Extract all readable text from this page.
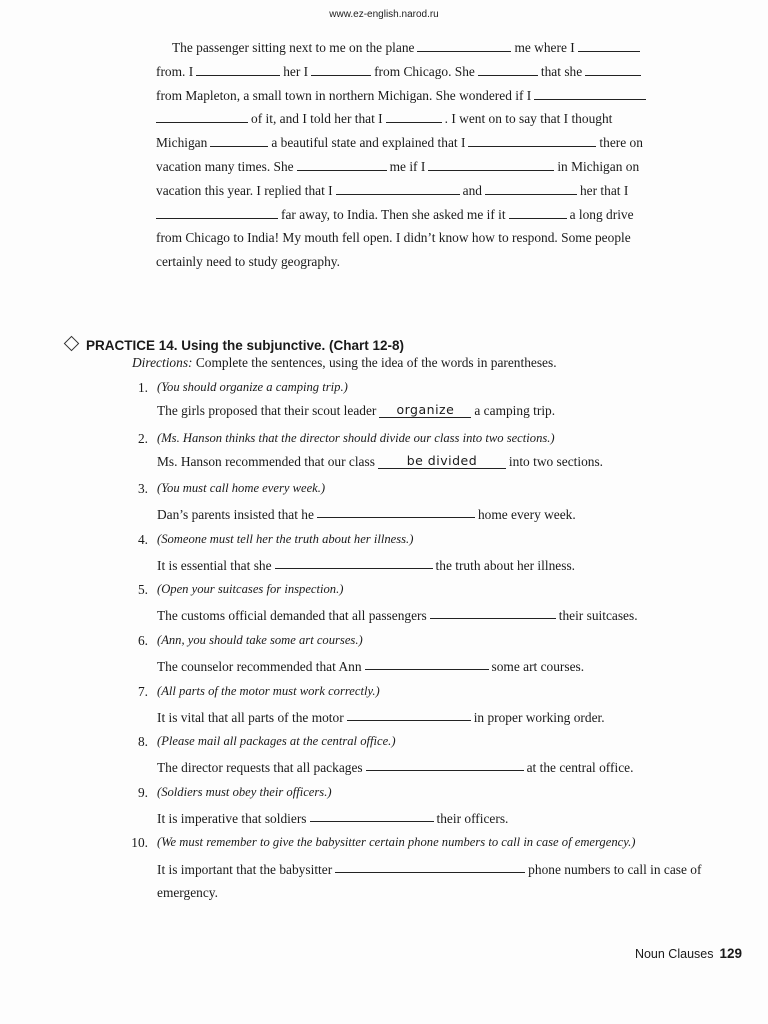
www.ez-english.narod.ru
The passenger sitting next to me on the plane	me where I
from. I	her I	from Chicago. She	that she
from Mapleton, a small town in northern Michigan. She wondered if I
of it, and I told her that I	. I went on to say that I thought
Michigan	a beautiful state and explained that I	there on
vacation many times. She	me if I	in Michigan on
vacation this year. I replied that I	and	her that I
far away, to India. Then she asked me if it	a long drive
from Chicago to India! My mouth fell open. I didn’t know how to respond. Some people
certainly need to study geography.
PRACTICE 14. Using the subjunctive. (Chart 12-8)
Directions: Complete the sentences, using the idea of the words in parentheses.
1. (You should organize a camping trip.)
The girls proposed that their scout leader organize a camping trip.
2. (Ms. Hanson thinks that the director should divide our class into two sections.)
Ms. Hanson recommended that our class	be divided into two sections.
3. (You must call home every week.)
Dan’s parents insisted that he	home every week.
4. (Someone must tell her the truth about her illness.)
It is essential that she	the truth about her illness.
5. (Open your suitcases for inspection.)
The customs official demanded that all passengers	their suitcases.
6. (Ann, you should take some art courses.)
The counselor recommended that Ann	some art courses.
7. (All parts of the motor must work correctly.)
It is vital that all parts of the motor	in proper working order.
8. (Please mail all packages at the central office.)
The director requests that all packages	at the central office.
9. (Soldiers must obey their officers.)
It is imperative that soldiers	their officers.
10. (We must remember to give the babysitter certain phone numbers to call in case of emergency.)
It is important that the babysitter	phone numbers to call in case of emergency.
Noun Clauses 129
